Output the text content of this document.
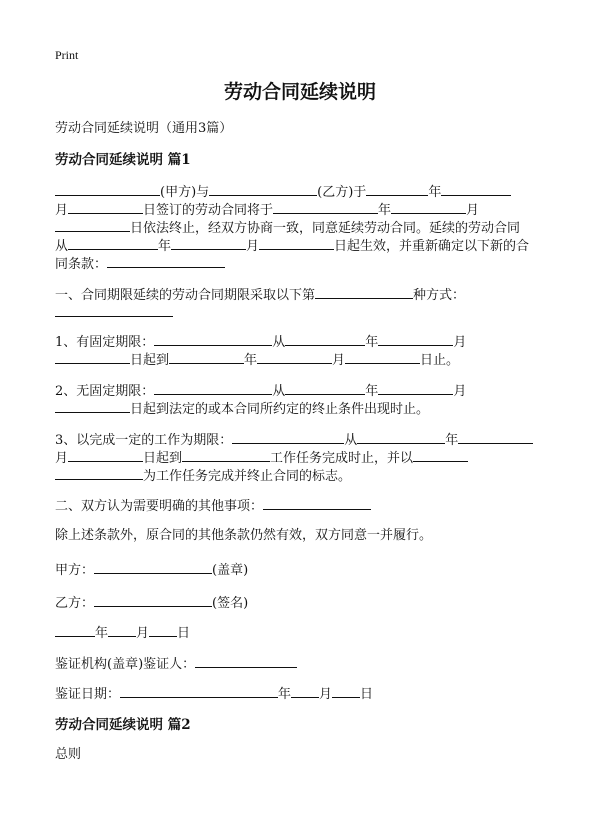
Print

劳动合同延续说明

劳动合同延续说明（通用3篇）

劳动合同延续说明 篇1

(甲方)与	(乙方)于	年

月	日签订的劳动合同将于	年	月

日依法终止，经双方协商一致，同意延续劳动合同。延续的劳动合同

从	年	月	日起生效，并重新确定以下新的合

同条款：

一、合同期限延续的劳动合同期限采取以下第	种方式：

1、有固定期限：	从	年	月

日起到	年	月	日止。

2、无固定期限：	从	年	月

日起到法定的或本合同所约定的终止条件出现时止。

3、以完成一定的工作为期限：	从	年

月	日起到	工作任务完成时止，并以

为工作任务完成并终止合同的标志。

二、双方认为需要明确的其他事项：

除上述条款外，原合同的其他条款仍然有效，双方同意一并履行。

甲方：	(盖章)

乙方：	(签名)

年 月 日

鉴证机构(盖章)鉴证人：

鉴证日期：	年 月 日

劳动合同延续说明 篇2

总则
